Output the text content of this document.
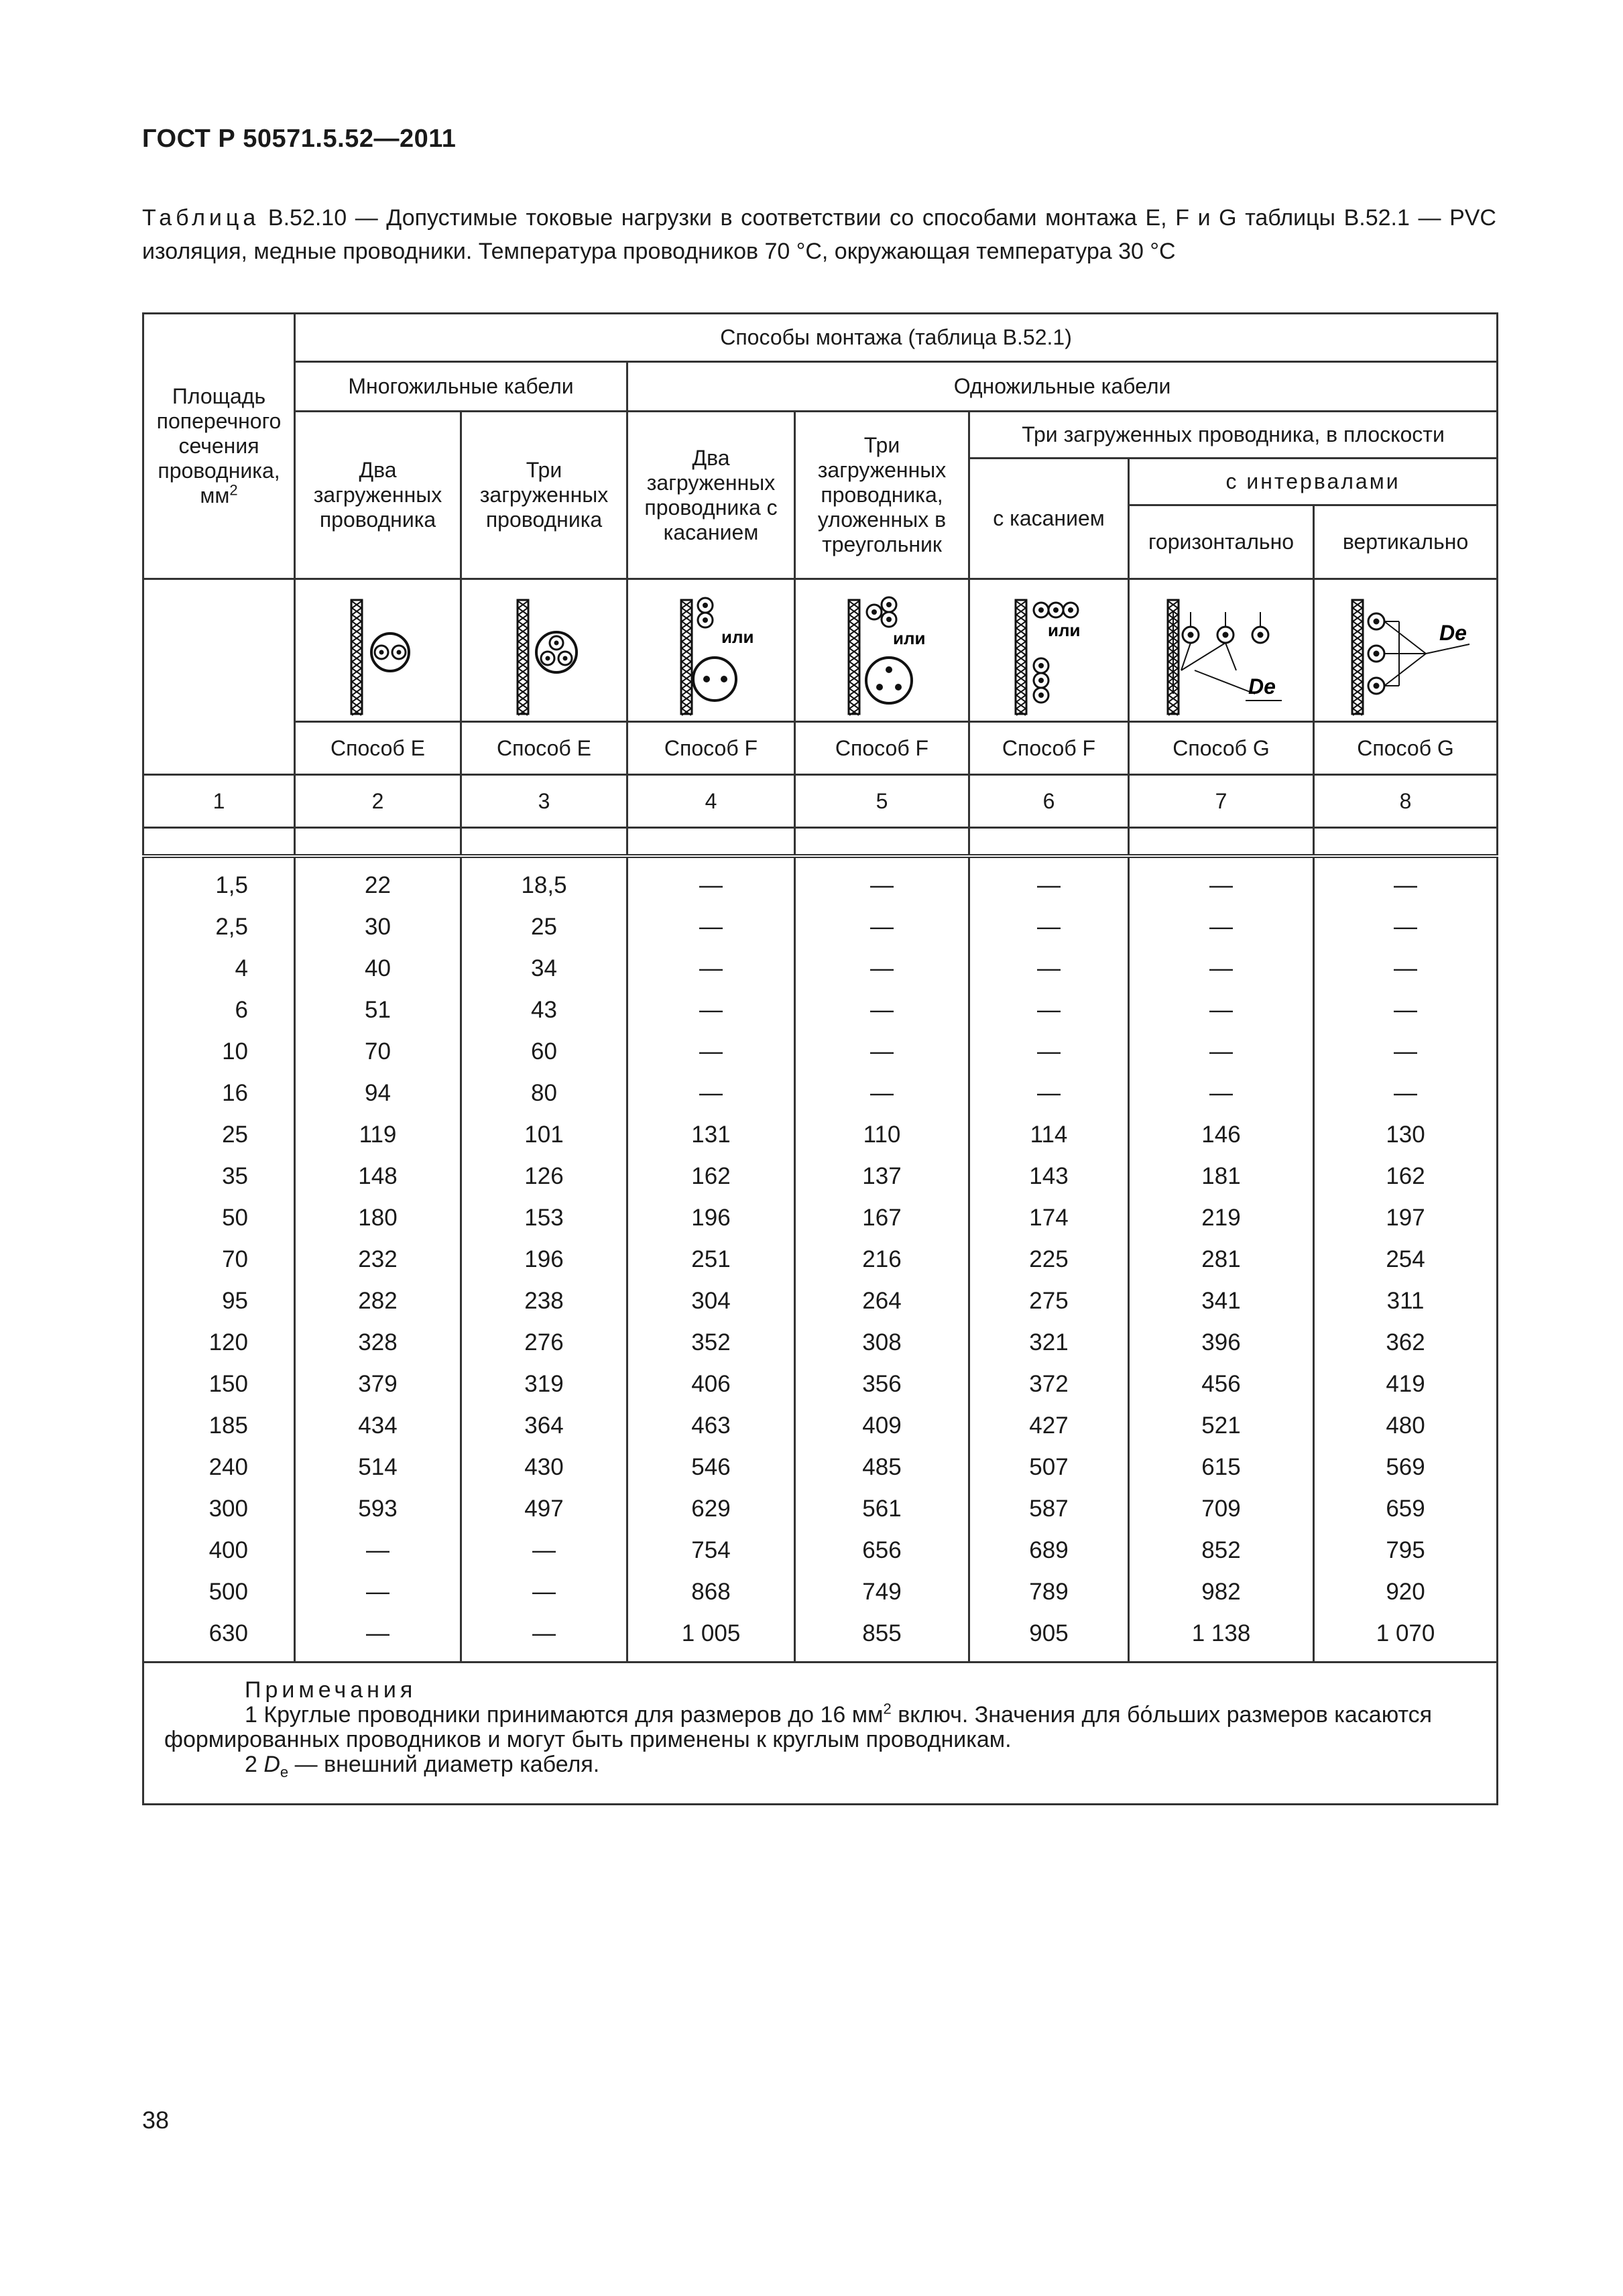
ГОСТ Р 50571.5.52—2011
Таблица В.52.10 — Допустимые токовые нагрузки в соответствии со способами монтажа Е, F и G таблицы В.52.1 — PVC изоляция, медные проводники. Температура проводников 70 °С, окружающая температура 30 °С
Площадь поперечного сечения проводника, $мм^2$	Способы монтажа (таблица В.52.1)						
	Многожильные кабели		Одножильные кабели				
	Два загруженных проводника	Три загруженных проводника	Два загруженных проводника с касанием	Три загруженных проводника, уложенных в треугольник	Три загруженных проводника, в плоскости		
					с касанием	с интервалами	
						горизонтально	вертикально

или	или	или	De	De

	Способ Е	Способ Е	Способ F	Способ F	Способ F	Способ G	Способ G
1	2	3	4	5	6	7	8

1,5	22	18,5	—	—	—	—	—
2,5	30	25	—	—	—	—	—
4	40	34	—	—	—	—	—
6	51	43	—	—	—	—	—
10	70	60	—	—	—	—	—
16	94	80	—	—	—	—	—
25	119	101	131	110	114	146	130
35	148	126	162	137	143	181	162
50	180	153	196	167	174	219	197
70	232	196	251	216	225	281	254
95	282	238	304	264	275	341	311
120	328	276	352	308	321	396	362
150	379	319	406	356	372	456	419
185	434	364	463	409	427	521	480
240	514	430	546	485	507	615	569
300	593	497	629	561	587	709	659
400	—	—	754	656	689	852	795
500	—	—	868	749	789	982	920
630	—	—	1 005	855	905	1 138	1 070

Примечания
1 Круглые проводники принимаются для размеров до 16 $мм^2$ включ. Значения для бо́льших размеров касаются формированных проводников и могут быть применены к круглым проводникам.
2 $D_e$ — внешний диаметр кабеля.							
38
